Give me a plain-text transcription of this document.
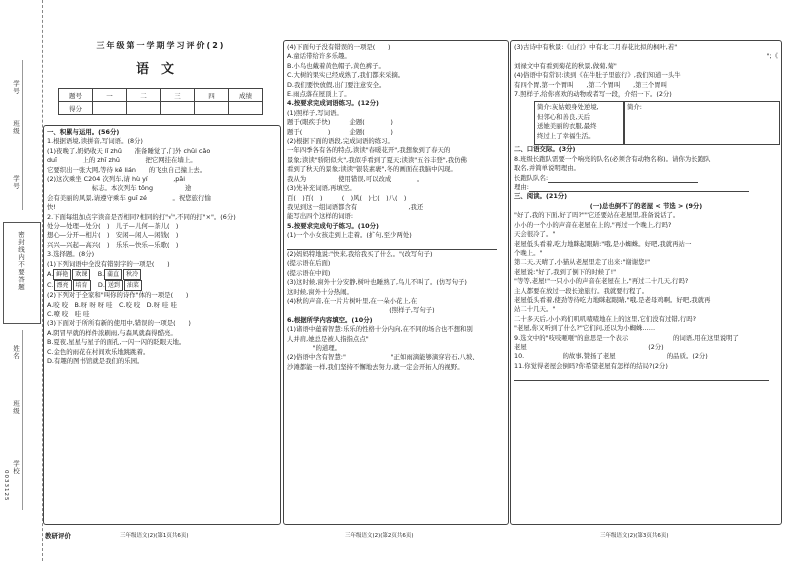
学号
班级
学号
密封线内不要答题
姓名
班级
学校
0033125
三年级第一学期学习评价(2)
语文
题号	一	二	三	四	成绩
得分					

一、积累与运用。(56分)

1.根据语境,读拼音,写词语。(8分)

(1)夜晚了,奶奶收天 lǐ zhǔ　　准备睡觉了,门外 chūi cǎo

duī　　　　上的 zhī zhū　　　　把它网挂在墙上。

它要织出一张大网,等待 kě lián　　的飞虫自己撞上去。

(2)这次乘坐 C204 次列车,请 hù yí　　　　,pāi

　　　　　　　标志。本次列车 tōng　　　　　途

会有美丽的风景,请遵守乘车 guī zé　　　　。祝您旅行愉

快!

2.下面每组加点字读音是否相同?相同的打"√",不同的打"×"。(6分)

处分—处理—处分(　)　儿子—儿何—茶儿(　)

想心—分开—相片(　)　安闲—闲人—闲钱(　)

兴兴—兴起—高兴(　)　乐乐—快乐—乐歌(　)

3.选择题。(8分)

(1)下列词语中全没有错别字的一项是(　　)

A. 鲜艳 欢课　B. 蒲直 秋冷

C. 漂亮 培育　D. 送到 油菜

(2)下列对于全家和"叫你的诗作"体的一项是(　　)

A.咬 咬　B.呀 呀 呀 哇　C.咬 咬　D.呀 哇 哇

C.嘹 咬　哇 哇

(3)下面对于所所有新的使用中,错误的一项是(　　)

A.阴冒早就的样件浓刷雨,与森风就森得酷亮。

B.夏夜,星星与星子的面孔,一闪一闪的眨眼天地。

C.金色的雨花在村间欢乐地跳跳着。

D.有趣的图书馆就是我们的乐园。

(4)下面句子没有错误的一项是(　　)

A.童话带给许多乐趣。

B.小鸟也戴着黄色帽子,黄色裤子。

C.大树的果实已经成熟了,我们都来采摘。

D.我们要快放假,出门要注意安全。

E.雨点落在屋顶上了。

4.按要求完成词语练习。(12分)

(1)照样子,写词语。

题于(眼疾手快)　　　企题(　　　　)

题于(　　　　)　　　企题(　　　　)

(2)根据下面的语段,完成词语的练习。

一年四季各有各的特点,读读"春暖花开",我想象到了春天的

景象;读读"骄阳似火",我似乎看到了夏天;读读"五谷丰登",我仿佛

看到了秋天的景象;读读"银装素裹",冬的画面在我脑中闪现。

我从为　　　　　使用错误,可以改成　　　　。

(3)先补充词语,再填空。

百(　)百(　)　　　(　)风(　)七(　)八(　)

我见到这一组词语都含有　　　　　　　　,我还

能写出四个这样的词语:　　　　　　　　　　

5.按要求完成句子练习。(10分)

(1)一个小女孩走到上走着。(扩句,至少两处)

(2)妈妈特地说:"快来,我给我买了什么。"(改写句子)

(提示语在后面)

(提示语在中间)

(3)这时候,窗外十分安静,树叶也睡熟了,鸟儿不叫了。(仿写句子)

这时候,窗外十分热闹。

(4)秋的声音,在一片片树叶里,在一朵小花上,在

　　　　　　　　　　　　　　　　(照样子,写句子)

6.根据所学内容填空。(10分)

(1)诸语中蕴着智慧:乐乐的性格十分内向,在不同的场合也不想和别

人并肩,她总是被人指指点点"　　　　　

　　　　"的道理。

(2)俗语中含有智慧:"　　　　　　　"正如雨滴能够滴穿岩石,八坡、

沙滩都能一样,我们坚持不懈地去努力,就一定会开拓人的视野。

(3)古诗中有秋景:《山行》中有北二月春花比拟的枫叶,若"

";《

刘禄文中有看到菊花的秋景,做菊,菊"　　　　　　　

(4)俗语中有常识:读到《在牛肚子里旅行》,我们知道一头牛

有四个胃,第一个胃叫　　,第二个胃叫　　,第三个胃叫

7.照样子,给你喜欢的动物或者写一段，介绍一下。(2分)

简介:灰姑娘身处逆境,

但邻心和善良,天后

送她美丽的衣服,最终

终过上了幸福生活。

简介:

二、口语交际。(3分)

8.班级长跑队需要一个响亮的队名(必须含有动物名称)。请你为长跑队

取名,并简单说明理由。

长跑队队名:

理由:

三、阅读。(21分)

(一)总也倒不了的老屋 < 节选 > (9分)

"好了,我的下面,好了吗?""它还要站在老屋里,准备说话了。

小小的一个小的声音在老屋在上的,"再过一个晚上,行吗?

天会很冷了。"

老屋低头看着,吃力地眯起眼睛:"哦,是小蜘蛛。好吧,我就再站一

个晚上。"

第二天,天晴了,小猫从老屋里走了出来:"谢谢您!"

老屋说:"好了,我到了倒下的时候了!"

"等等,老屋!"一只小小的声音在老屋在上,"再过二十几天,行吗?

主人都要在放过一段长途旅行。我就要行程了。

老屋低头看着,使劲等待吃力地眯起眼睛,"哦,是老母鸡啊。好吧,我就再

站二十几天。"

二十多天后,小小鸡们叽叽喳喳地在上的这里,它们没有过错,行吗?

"老屋,你又听到了什么?"它们问,还以为小蜘蛛……

9.选文中的"吱吱咂咂"的意思是一个表示　　　　　　　的词语,用在这里说明了

老屋　　　　　　　　　　　　　　　　　　　(2分)

10.　　　　　　的故事,赞扬了老屋　　　　　　　　的品质。(2分)

11.你觉得老屋会倒吗?你希望老屋有怎样的结局?(2分)

教研评价	三年级语文(2)(第1页共6页)	三年级语文(2)(第2页共6页)	三年级语文(2)(第3页共6页)
